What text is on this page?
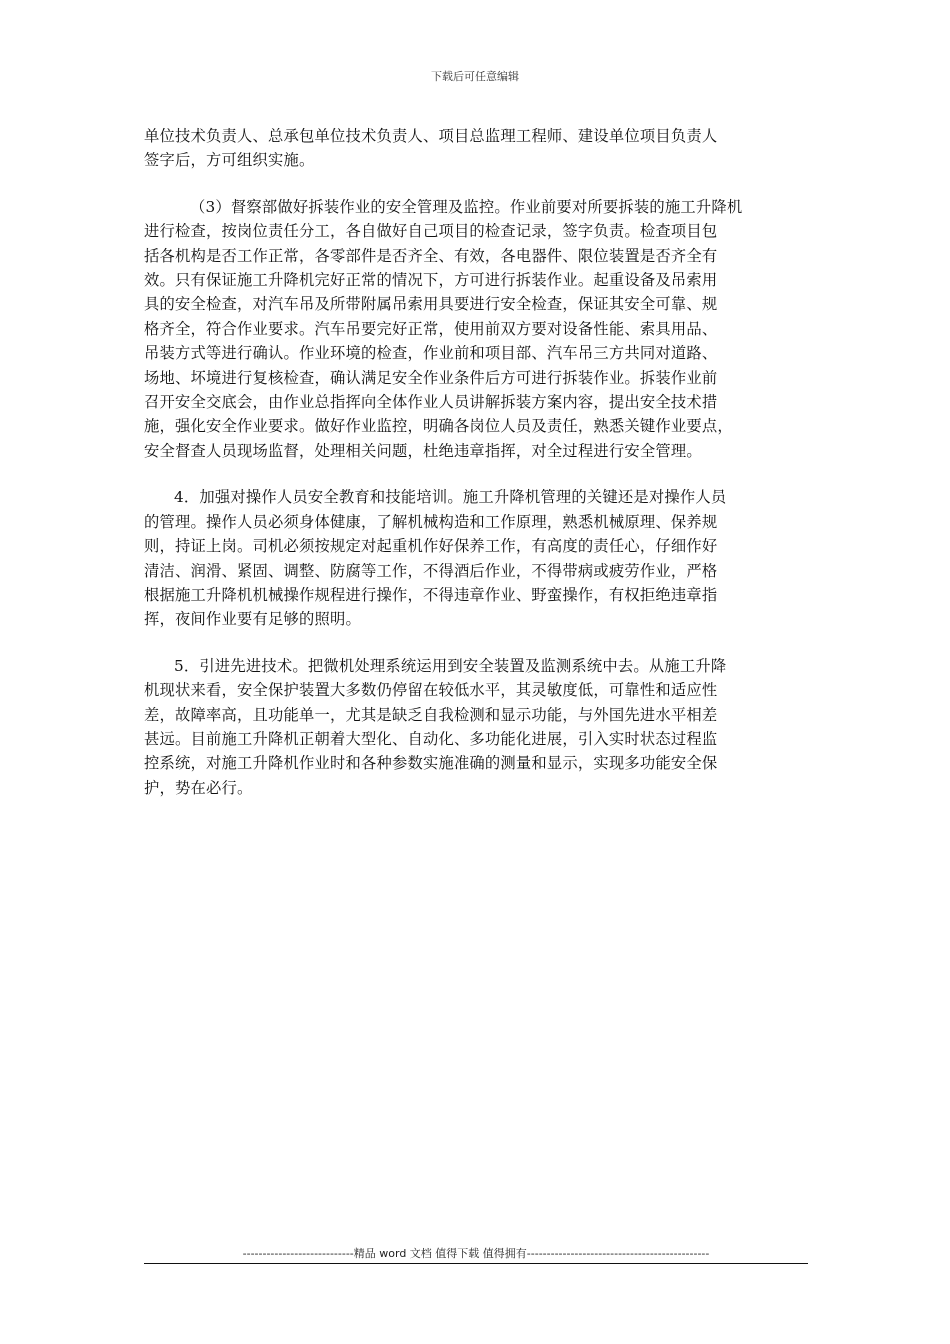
下载后可任意编辑

单位技术负责人、总承包单位技术负责人、项目总监理工程师、建设单位项目负责人
签字后，方可组织实施。

（3）督察部做好拆装作业的安全管理及监控。作业前要对所要拆装的施工升降机
进行检查，按岗位责任分工，各自做好自己项目的检查记录，签字负责。检查项目包
括各机构是否工作正常，各零部件是否齐全、有效，各电器件、限位装置是否齐全有
效。只有保证施工升降机完好正常的情况下，方可进行拆装作业。起重设备及吊索用
具的安全检查，对汽车吊及所带附属吊索用具要进行安全检查，保证其安全可靠、规
格齐全，符合作业要求。汽车吊要完好正常，使用前双方要对设备性能、索具用品、
吊装方式等进行确认。作业环境的检查，作业前和项目部、汽车吊三方共同对道路、
场地、坏境进行复核检查，确认满足安全作业条件后方可进行拆装作业。拆装作业前
召开安全交底会，由作业总指挥向全体作业人员讲解拆装方案内容，提出安全技术措
施，强化安全作业要求。做好作业监控，明确各岗位人员及责任，熟悉关键作业要点，
安全督查人员现场监督，处理相关问题，杜绝违章指挥，对全过程进行安全管理。

4．加强对操作人员安全教育和技能培训。施工升降机管理的关键还是对操作人员
的管理。操作人员必须身体健康，了解机械构造和工作原理，熟悉机械原理、保养规
则，持证上岗。司机必须按规定对起重机作好保养工作，有高度的责任心，仔细作好
清洁、润滑、紧固、调整、防腐等工作，不得酒后作业，不得带病或疲劳作业，严格
根据施工升降机机械操作规程进行操作，不得违章作业、野蛮操作，有权拒绝违章指
挥，夜间作业要有足够的照明。

5．引进先进技术。把微机处理系统运用到安全装置及监测系统中去。从施工升降
机现状来看，安全保护装置大多数仍停留在较低水平，其灵敏度低，可靠性和适应性
差，故障率高，且功能单一，尤其是缺乏自我检测和显示功能，与外国先进水平相差
甚远。目前施工升降机正朝着大型化、自动化、多功能化进展，引入实时状态过程监
控系统，对施工升降机作业时和各种参数实施准确的测量和显示，实现多功能安全保
护，势在必行。

----------------------------精品 word 文档 值得下载 值得拥有----------------------------------------------
